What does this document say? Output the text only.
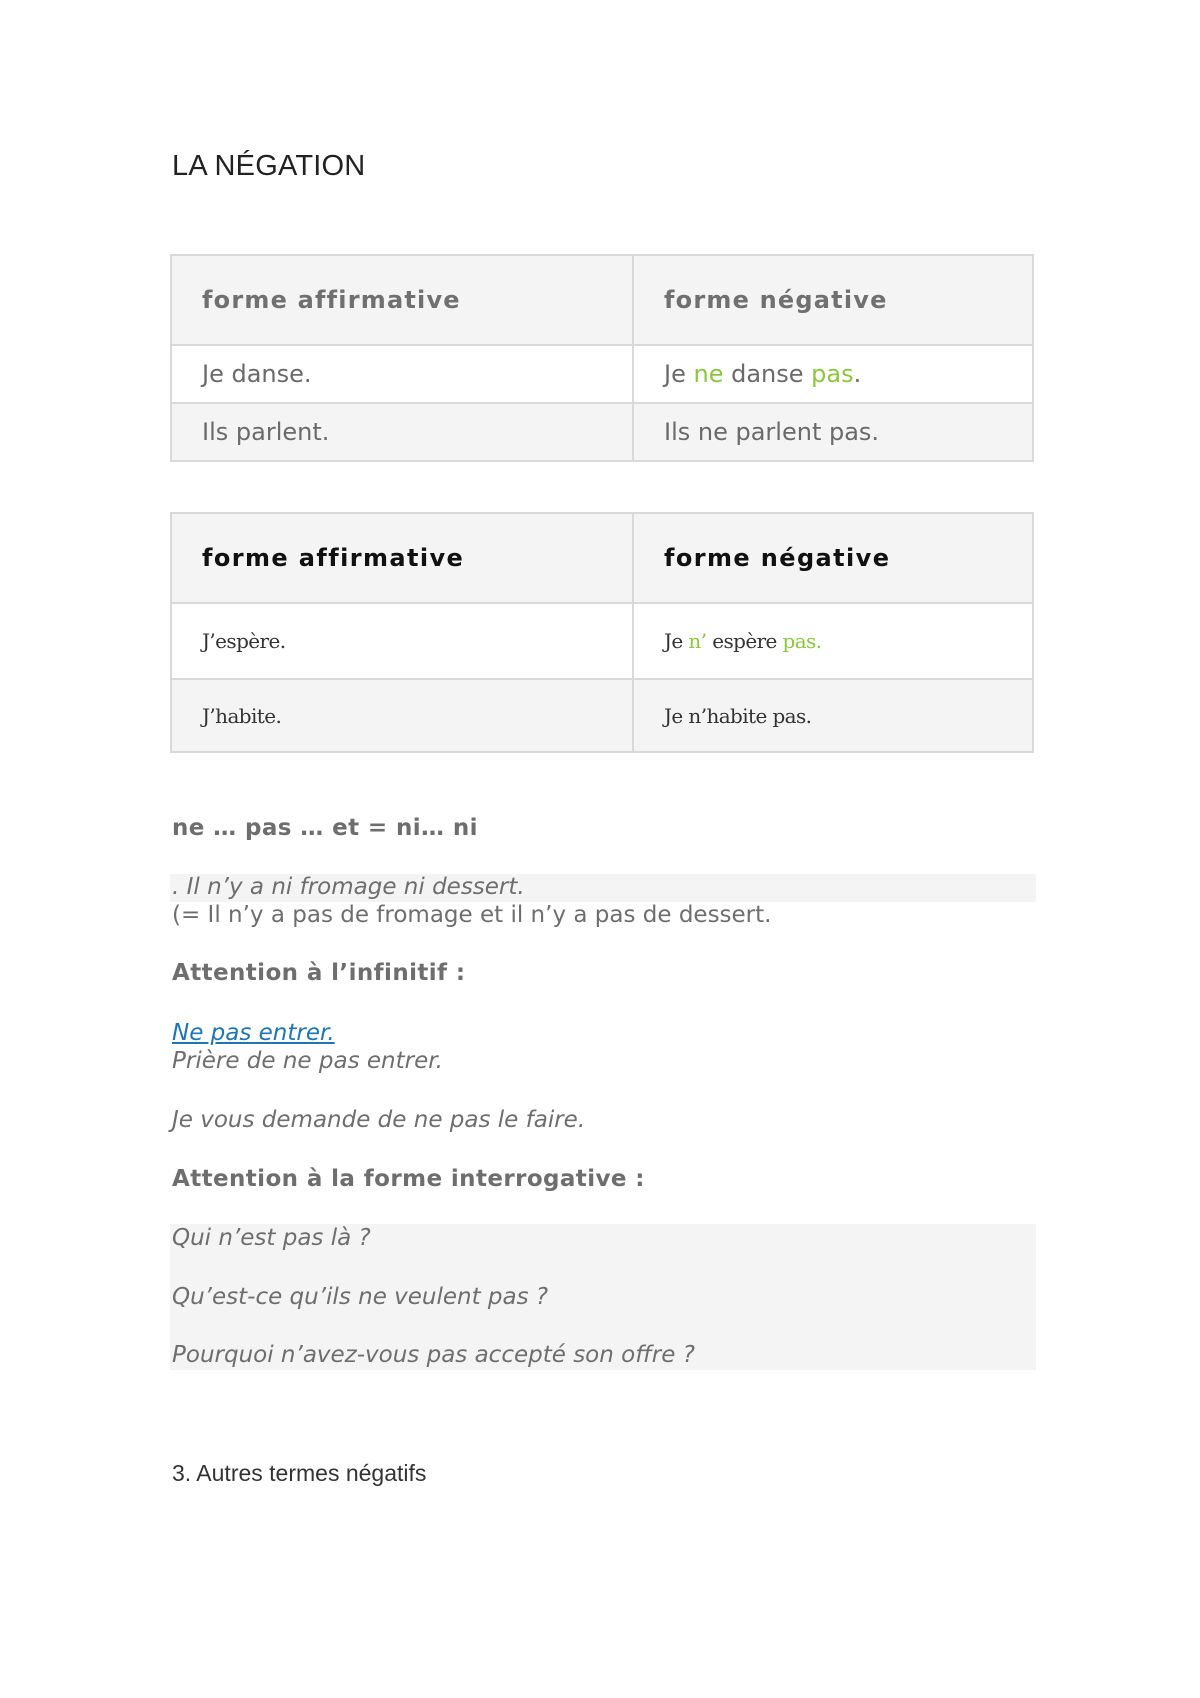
LA NÉGATION
forme affirmative	forme négative
Je danse.	Je ne danse pas.
Ils parlent.	Ils ne parlent pas.
forme affirmative	forme négative
J’espère.	Je n’ espère pas.
J’habite.	Je n’habite pas.
ne … pas … et = ni… ni
. Il n’y a ni fromage ni dessert.
(= Il n’y a pas de fromage et il n’y a pas de dessert.
Attention à l’infinitif :
Ne pas entrer.
Prière de ne pas entrer.
Je vous demande de ne pas le faire.
Attention à la forme interrogative :
Qui n’est pas là ?
Qu’est-ce qu’ils ne veulent pas ?
Pourquoi n’avez-vous pas accepté son offre ?
3. Autres termes négatifs
